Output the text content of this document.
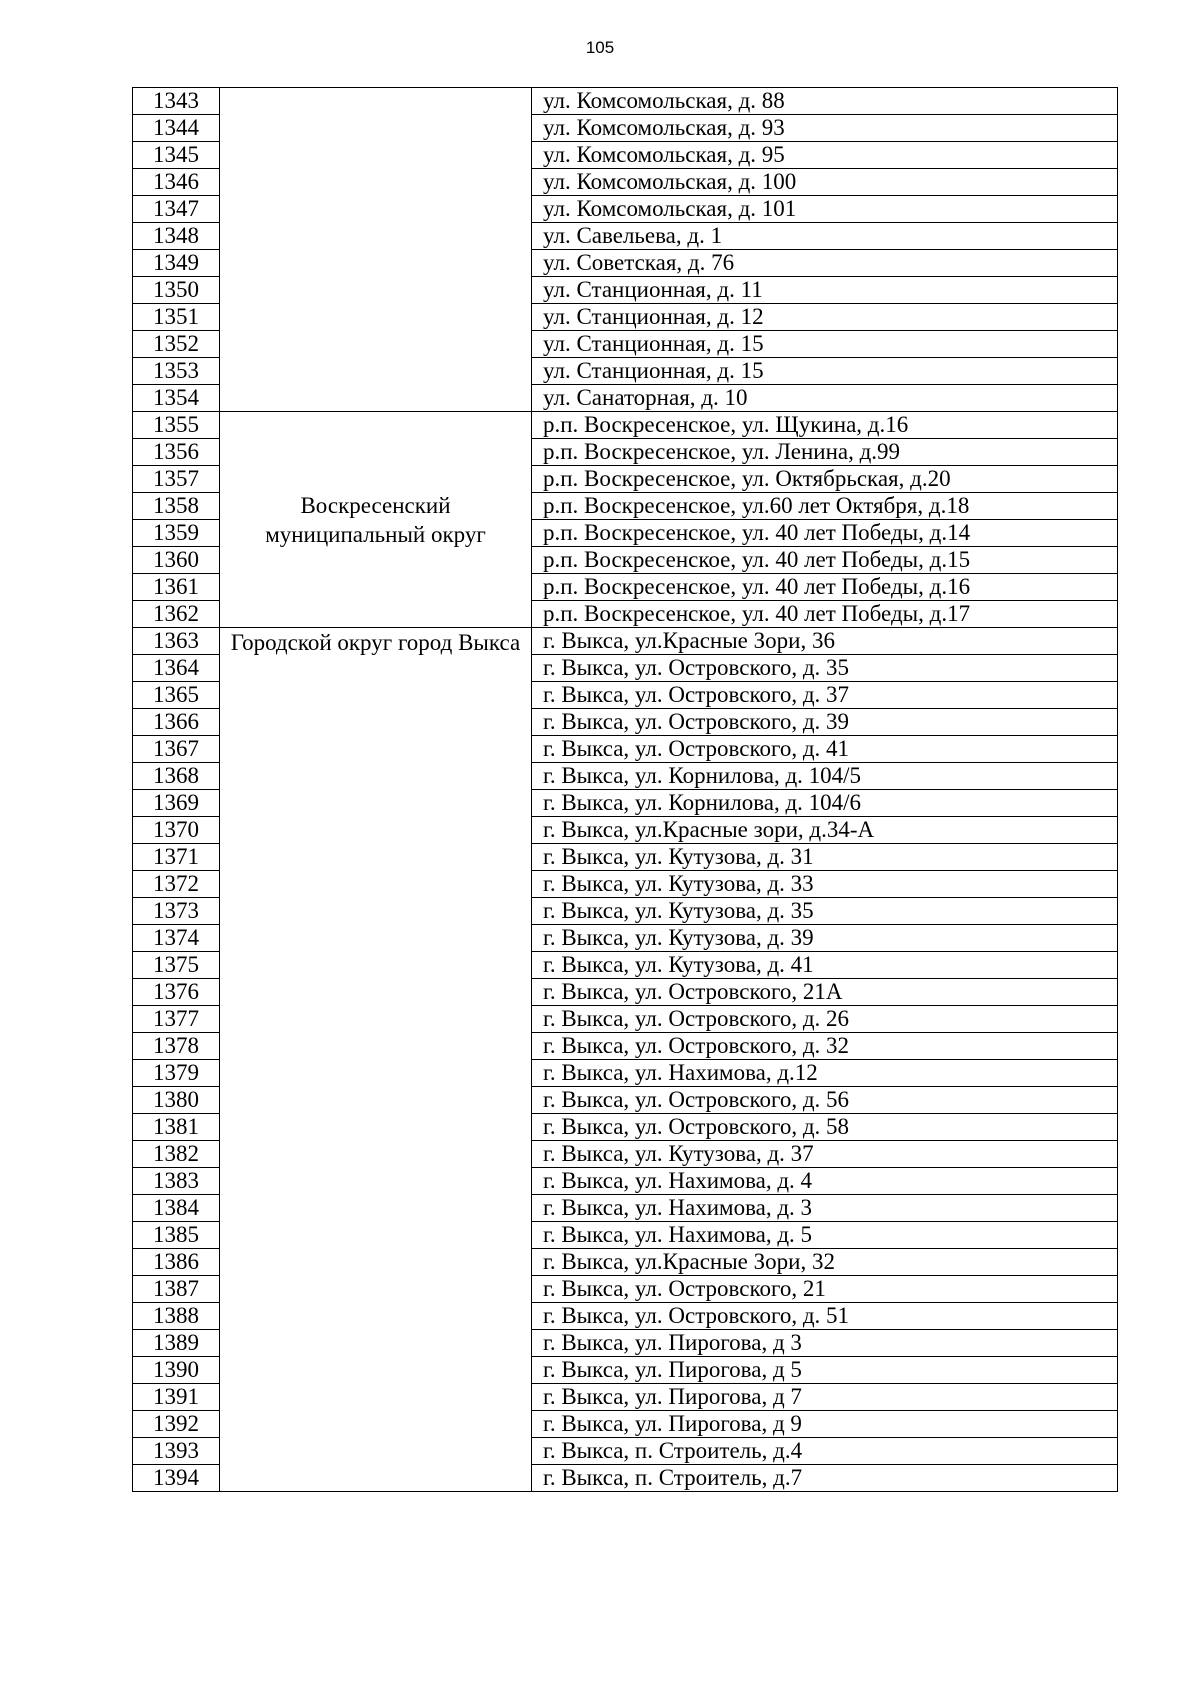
105
1343		ул. Комсомольская, д. 88
1344		ул. Комсомольская, д. 93
1345		ул. Комсомольская, д. 95
1346		ул. Комсомольская, д. 100
1347		ул. Комсомольская, д. 101
1348		ул. Савельева, д. 1
1349		ул. Советская, д. 76
1350		ул. Станционная, д. 11
1351		ул. Станционная, д. 12
1352		ул. Станционная, д. 15
1353		ул. Станционная, д. 15
1354		ул. Санаторная, д. 10
1355	Воскресенский муниципальный округ	р.п. Воскресенское, ул. Щукина, д.16
1356		р.п. Воскресенское, ул. Ленина, д.99
1357		р.п. Воскресенское, ул. Октябрьская, д.20
1358		р.п. Воскресенское, ул.60 лет Октября, д.18
1359		р.п. Воскресенское, ул. 40 лет Победы, д.14
1360		р.п. Воскресенское, ул. 40 лет Победы, д.15
1361		р.п. Воскресенское, ул. 40 лет Победы, д.16
1362		р.п. Воскресенское, ул. 40 лет Победы, д.17
1363	Городской округ город Выкса	г. Выкса, ул.Красные Зори, 36
1364		г. Выкса, ул. Островского, д. 35
1365		г. Выкса, ул. Островского, д. 37
1366		г. Выкса, ул. Островского, д. 39
1367		г. Выкса, ул. Островского, д. 41
1368		г. Выкса, ул. Корнилова, д. 104/5
1369		г. Выкса, ул. Корнилова, д. 104/6
1370		г. Выкса, ул.Красные зори, д.34-А
1371		г. Выкса, ул. Кутузова, д. 31
1372		г. Выкса, ул. Кутузова, д. 33
1373		г. Выкса, ул. Кутузова, д. 35
1374		г. Выкса, ул. Кутузова, д. 39
1375		г. Выкса, ул. Кутузова, д. 41
1376		г. Выкса, ул. Островского, 21А
1377		г. Выкса, ул. Островского, д. 26
1378		г. Выкса, ул. Островского, д. 32
1379		г. Выкса, ул. Нахимова, д.12
1380		г. Выкса, ул. Островского, д. 56
1381		г. Выкса, ул. Островского, д. 58
1382		г. Выкса, ул. Кутузова, д. 37
1383		г. Выкса, ул. Нахимова, д. 4
1384		г. Выкса, ул. Нахимова, д. 3
1385		г. Выкса, ул. Нахимова, д. 5
1386		г. Выкса, ул.Красные Зори, 32
1387		г. Выкса, ул. Островского, 21
1388		г. Выкса, ул. Островского, д. 51
1389		г. Выкса, ул. Пирогова, д 3
1390		г. Выкса, ул. Пирогова, д 5
1391		г. Выкса, ул. Пирогова, д 7
1392		г. Выкса, ул. Пирогова, д 9
1393		г. Выкса, п. Строитель, д.4
1394		г. Выкса, п. Строитель, д.7
